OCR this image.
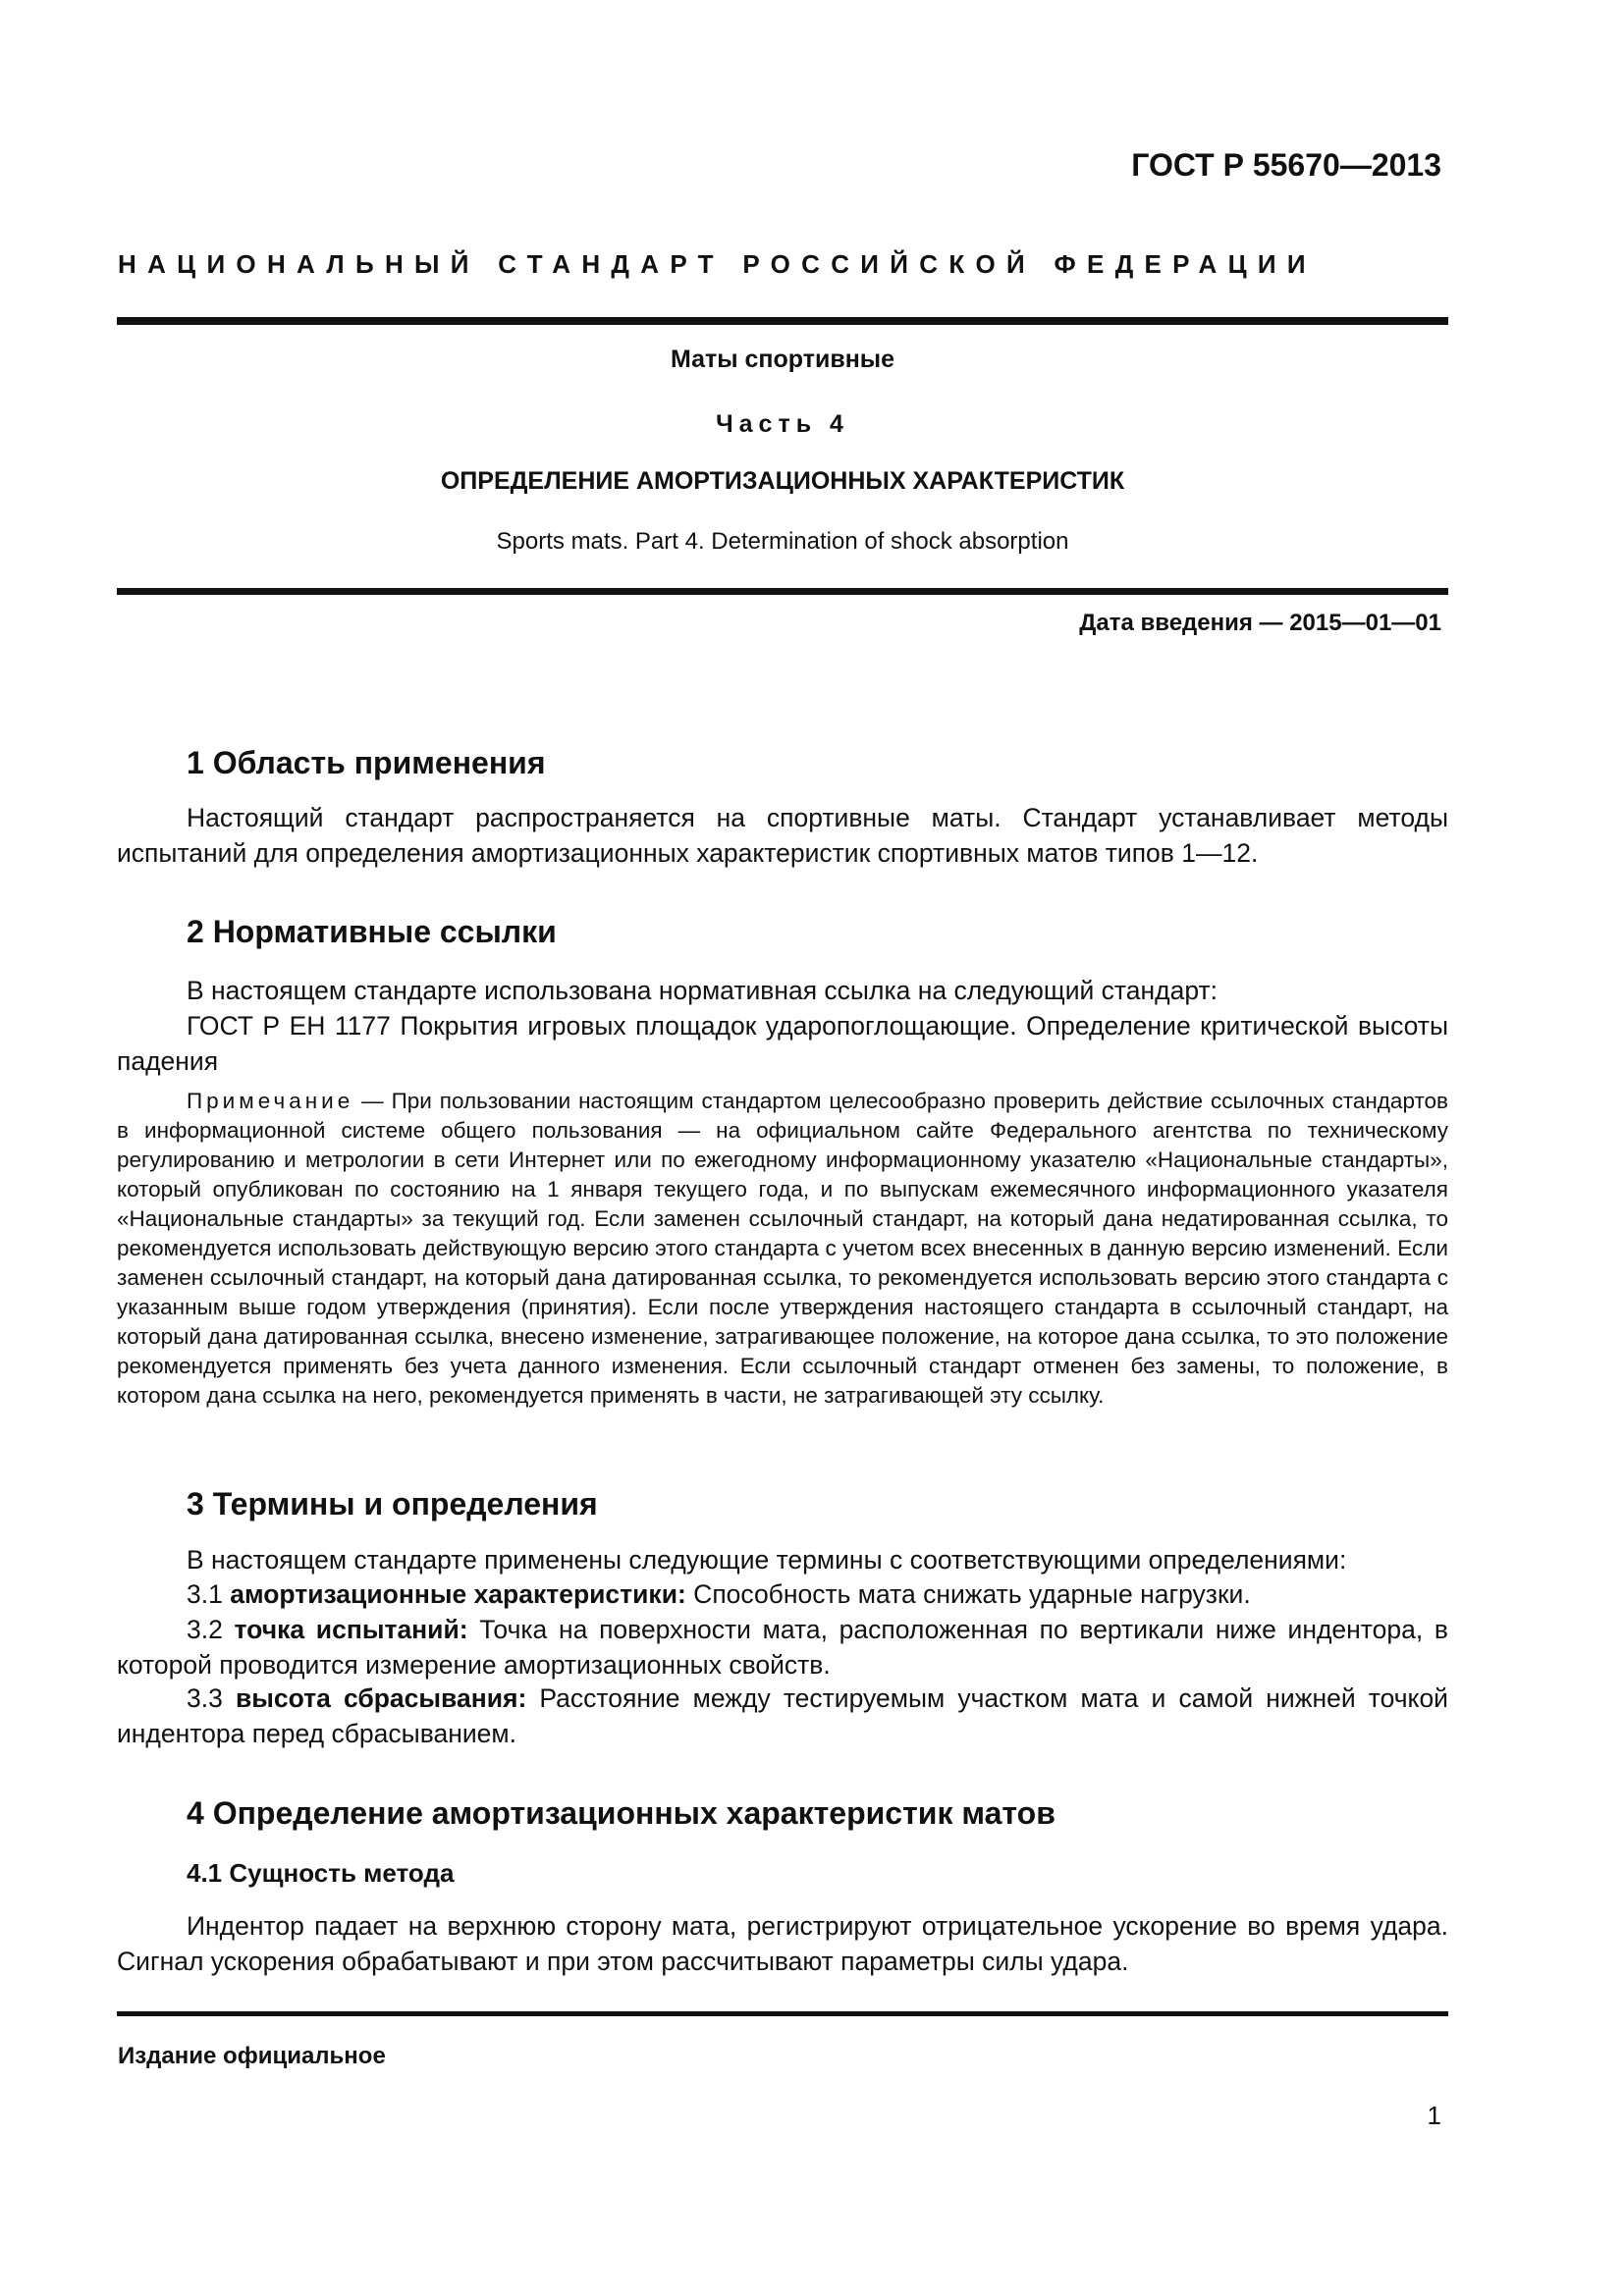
ГОСТ Р 55670—2013
НАЦИОНАЛЬНЫЙ СТАНДАРТ РОССИЙСКОЙ ФЕДЕРАЦИИ
Маты спортивные
Часть 4
ОПРЕДЕЛЕНИЕ АМОРТИЗАЦИОННЫХ ХАРАКТЕРИСТИК
Sports mats. Part 4. Determination of shock absorption
Дата введения — 2015—01—01
1 Область применения
Настоящий стандарт распространяется на спортивные маты. Стандарт устанавливает методы испытаний для определения амортизационных характеристик спортивных матов типов 1—12.
2 Нормативные ссылки
В настоящем стандарте использована нормативная ссылка на следующий стандарт:
ГОСТ Р ЕН 1177 Покрытия игровых площадок ударопоглощающие. Определение критической высоты падения
Примечание — При пользовании настоящим стандартом целесообразно проверить действие ссылочных стандартов в информационной системе общего пользования — на официальном сайте Федерального агентства по техническому регулированию и метрологии в сети Интернет или по ежегодному информационному указателю «Национальные стандарты», который опубликован по состоянию на 1 января текущего года, и по выпускам ежемесячного информационного указателя «Национальные стандарты» за текущий год. Если заменен ссылочный стандарт, на который дана недатированная ссылка, то рекомендуется использовать действующую версию этого стандарта с учетом всех внесенных в данную версию изменений. Если заменен ссылочный стандарт, на который дана датированная ссылка, то рекомендуется использовать версию этого стандарта с указанным выше годом утверждения (принятия). Если после утверждения настоящего стандарта в ссылочный стандарт, на который дана датированная ссылка, внесено изменение, затрагивающее положение, на которое дана ссылка, то это положение рекомендуется применять без учета данного изменения. Если ссылочный стандарт отменен без замены, то положение, в котором дана ссылка на него, рекомендуется применять в части, не затрагивающей эту ссылку.
3 Термины и определения
В настоящем стандарте применены следующие термины с соответствующими определениями:
3.1 амортизационные характеристики: Способность мата снижать ударные нагрузки.
3.2 точка испытаний: Точка на поверхности мата, расположенная по вертикали ниже индентора, в которой проводится измерение амортизационных свойств.
3.3 высота сбрасывания: Расстояние между тестируемым участком мата и самой нижней точкой индентора перед сбрасыванием.
4 Определение амортизационных характеристик матов
4.1 Сущность метода
Индентор падает на верхнюю сторону мата, регистрируют отрицательное ускорение во время удара. Сигнал ускорения обрабатывают и при этом рассчитывают параметры силы удара.
Издание официальное
1
